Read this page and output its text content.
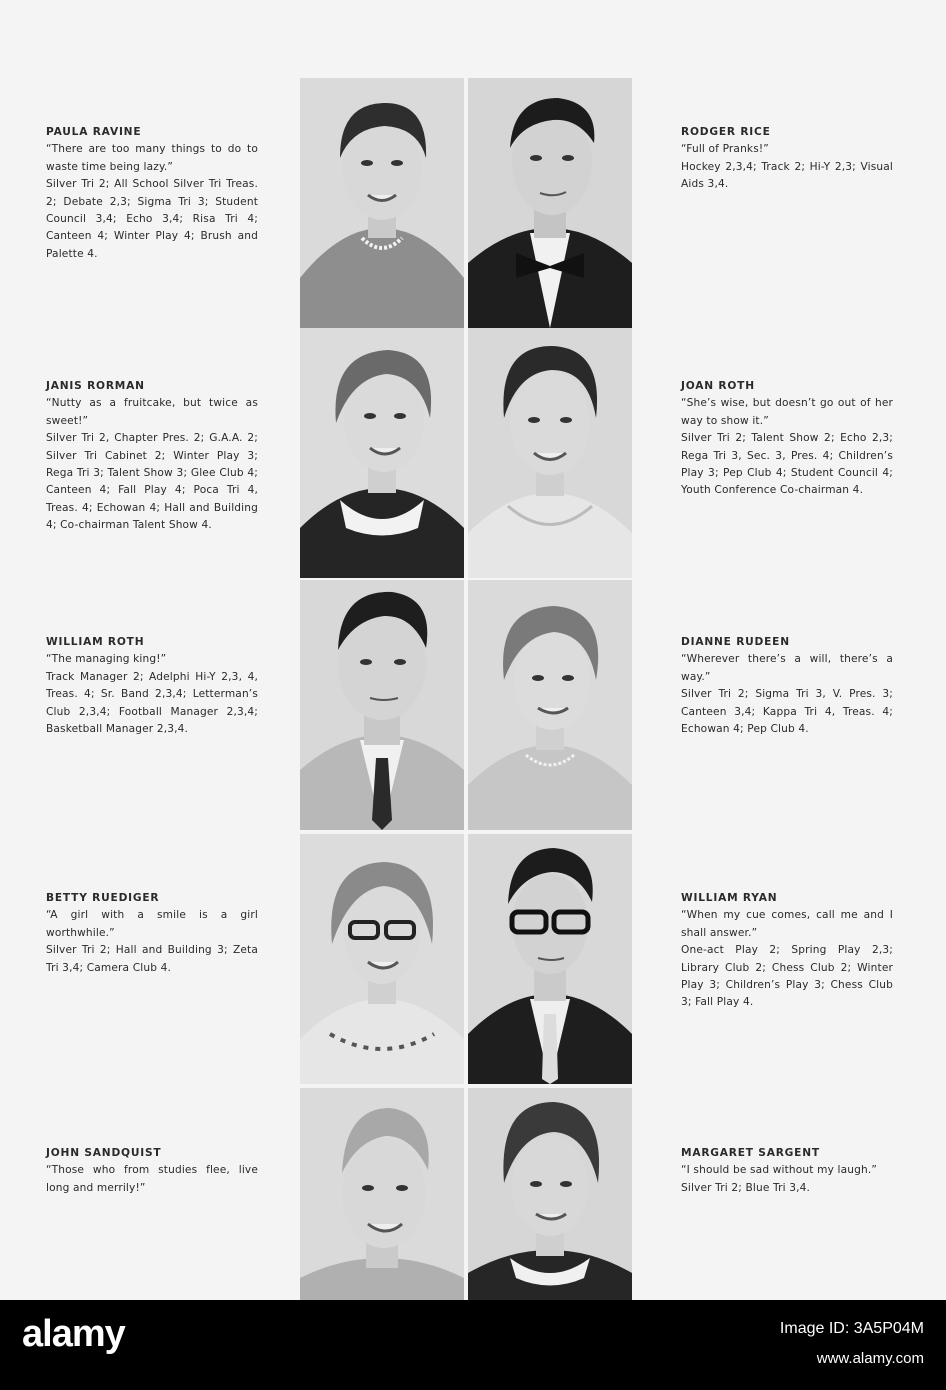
PAULA RAVINE
“There are too many things to do to waste time being lazy.”
Silver Tri 2; All School Silver Tri Treas. 2; Debate 2,3; Sigma Tri 3; Student Council 3,4; Echo 3,4; Risa Tri 4; Canteen 4; Winter Play 4; Brush and Palette 4.
RODGER RICE
“Full of Pranks!”
Hockey 2,3,4; Track 2; Hi-Y 2,3; Visual Aids 3,4.
JANIS RORMAN
“Nutty as a fruitcake, but twice as sweet!”
Silver Tri 2, Chapter Pres. 2; G.A.A. 2; Silver Tri Cabinet 2; Winter Play 3; Rega Tri 3; Talent Show 3; Glee Club 4; Canteen 4; Fall Play 4; Poca Tri 4, Treas. 4; Echowan 4; Hall and Building 4; Co-chairman Talent Show 4.
JOAN ROTH
“She’s wise, but doesn’t go out of her way to show it.”
Silver Tri 2; Talent Show 2; Echo 2,3; Rega Tri 3, Sec. 3, Pres. 4; Children’s Play 3; Pep Club 4; Student Council 4; Youth Conference Co-chairman 4.
WILLIAM ROTH
“The managing king!”
Track Manager 2; Adelphi Hi-Y 2,3, 4, Treas. 4; Sr. Band 2,3,4; Letterman’s Club 2,3,4; Football Manager 2,3,4; Basketball Manager 2,3,4.
DIANNE RUDEEN
“Wherever there’s a will, there’s a way.”
Silver Tri 2; Sigma Tri 3, V. Pres. 3; Canteen 3,4; Kappa Tri 4, Treas. 4; Echowan 4; Pep Club 4.
BETTY RUEDIGER
“A girl with a smile is a girl worthwhile.”
Silver Tri 2; Hall and Building 3; Zeta Tri 3,4; Camera Club 4.
WILLIAM RYAN
“When my cue comes, call me and I shall answer.”
One-act Play 2; Spring Play 2,3; Library Club 2; Chess Club 2; Winter Play 3; Children’s Play 3; Chess Club 3; Fall Play 4.
JOHN SANDQUIST
“Those who from studies flee, live long and merrily!”
MARGARET SARGENT
“I should be sad without my laugh.”
Silver Tri 2; Blue Tri 3,4.
alamy	Image ID: 3A5P04M
www.alamy.com
